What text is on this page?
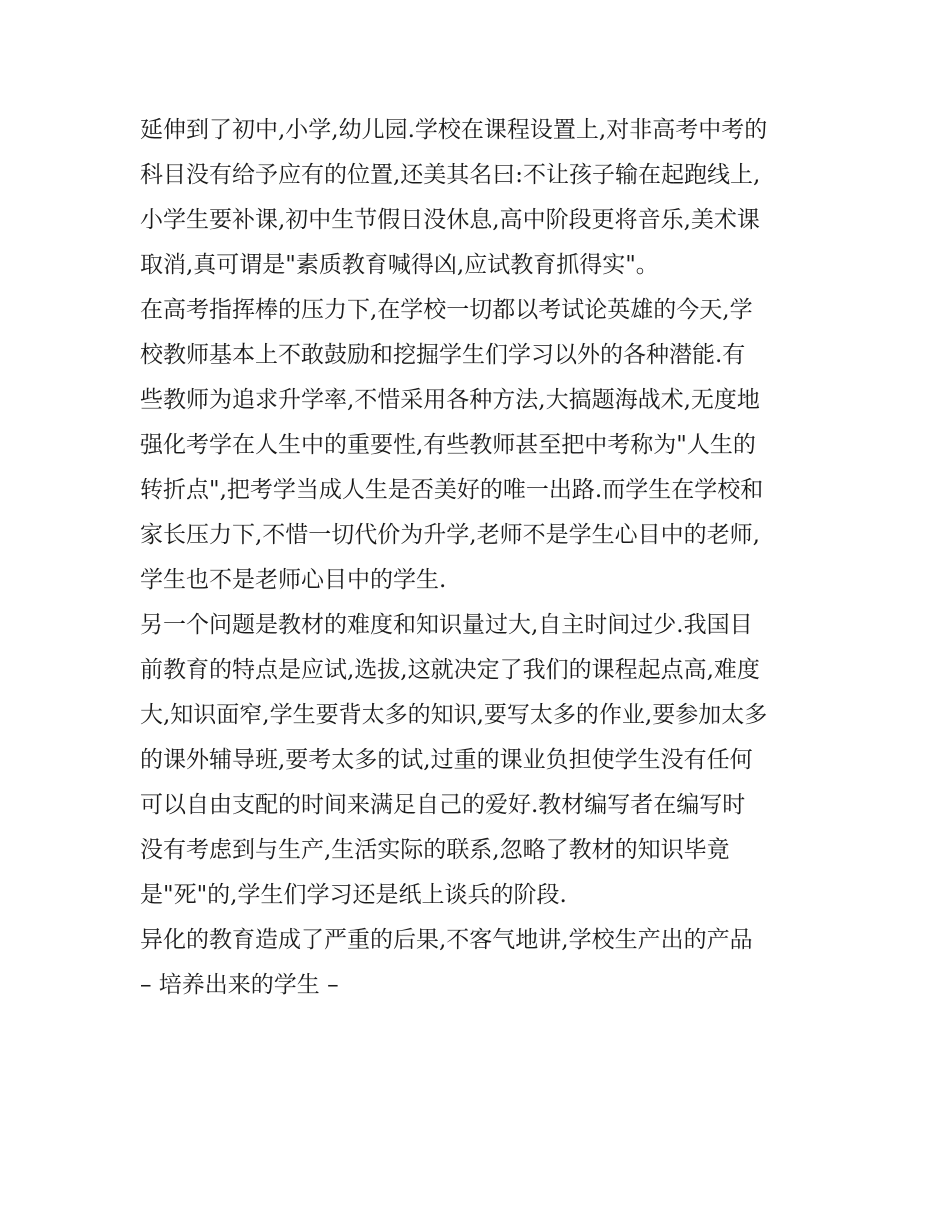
延伸到了初中,小学,幼儿园.学校在课程设置上,对非高考中考的
科目没有给予应有的位置,还美其名曰:不让孩子输在起跑线上,
小学生要补课,初中生节假日没休息,高中阶段更将音乐,美术课
取消,真可谓是"素质教育喊得凶,应试教育抓得实"。
在高考指挥棒的压力下,在学校一切都以考试论英雄的今天,学
校教师基本上不敢鼓励和挖掘学生们学习以外的各种潜能.有
些教师为追求升学率,不惜采用各种方法,大搞题海战术,无度地
强化考学在人生中的重要性,有些教师甚至把中考称为"人生的
转折点",把考学当成人生是否美好的唯一出路.而学生在学校和
家长压力下,不惜一切代价为升学,老师不是学生心目中的老师,
学生也不是老师心目中的学生.
另一个问题是教材的难度和知识量过大,自主时间过少.我国目
前教育的特点是应试,选拔,这就决定了我们的课程起点高,难度
大,知识面窄,学生要背太多的知识,要写太多的作业,要参加太多
的课外辅导班,要考太多的试,过重的课业负担使学生没有任何
可以自由支配的时间来满足自己的爱好.教材编写者在编写时
没有考虑到与生产,生活实际的联系,忽略了教材的知识毕竟
是"死"的,学生们学习还是纸上谈兵的阶段.
异化的教育造成了严重的后果,不客气地讲,学校生产出的产品
– 培养出来的学生 –
